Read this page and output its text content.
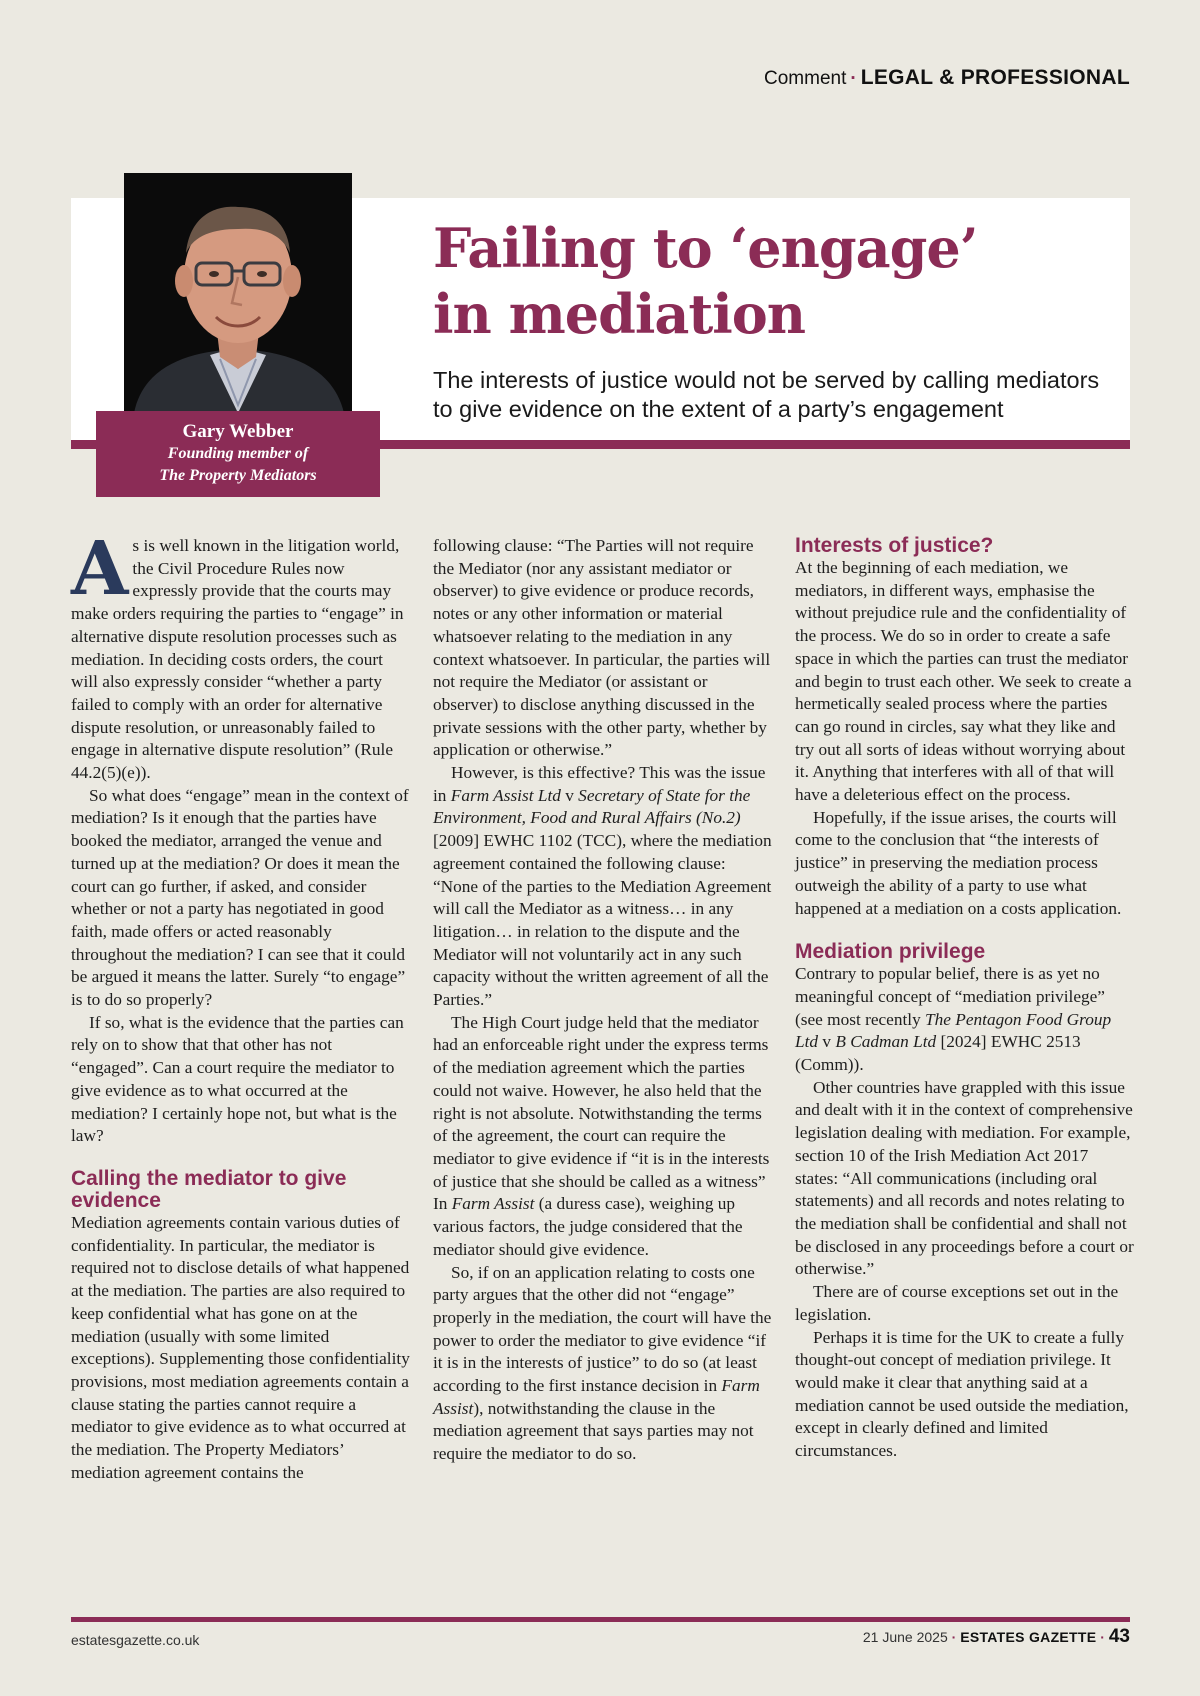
Comment · LEGAL & PROFESSIONAL
Gary Webber
Founding member of
The Property Mediators
Failing to ‘engage’
in mediation
The interests of justice would not be served by calling mediators to give evidence on the extent of a party’s engagement

As is well known in the litigation world, the Civil Procedure Rules now expressly provide that the courts may make orders requiring the parties to “engage” in alternative dispute resolution processes such as mediation. In deciding costs orders, the court will also expressly consider “whether a party failed to comply with an order for alternative dispute resolution, or unreasonably failed to engage in alternative dispute resolution” (Rule 44.2(5)(e)).

So what does “engage” mean in the context of mediation? Is it enough that the parties have booked the mediator, arranged the venue and turned up at the mediation? Or does it mean the court can go further, if asked, and consider whether or not a party has negotiated in good faith, made offers or acted reasonably throughout the mediation? I can see that it could be argued it means the latter. Surely “to engage” is to do so properly?

If so, what is the evidence that the parties can rely on to show that that other has not “engaged”. Can a court require the mediator to give evidence as to what occurred at the mediation? I certainly hope not, but what is the law?

Calling the mediator to give evidence

Mediation agreements contain various duties of confidentiality. In particular, the mediator is required not to disclose details of what happened at the mediation. The parties are also required to keep confidential what has gone on at the mediation (usually with some limited exceptions). Supplementing those confidentiality provisions, most mediation agreements contain a clause stating the parties cannot require a mediator to give evidence as to what occurred at the mediation. The Property Mediators’ mediation agreement contains the

following clause: “The Parties will not require the Mediator (nor any assistant mediator or observer) to give evidence or produce records, notes or any other information or material whatsoever relating to the mediation in any context whatsoever. In particular, the parties will not require the Mediator (or assistant or observer) to disclose anything discussed in the private sessions with the other party, whether by application or otherwise.”

However, is this effective? This was the issue in Farm Assist Ltd v Secretary of State for the Environment, Food and Rural Affairs (No.2) [2009] EWHC 1102 (TCC), where the mediation agreement contained the following clause: “None of the parties to the Mediation Agreement will call the Mediator as a witness… in any litigation… in relation to the dispute and the Mediator will not voluntarily act in any such capacity without the written agreement of all the Parties.”

The High Court judge held that the mediator had an enforceable right under the express terms of the mediation agreement which the parties could not waive. However, he also held that the right is not absolute. Notwithstanding the terms of the agreement, the court can require the mediator to give evidence if “it is in the interests of justice that she should be called as a witness” In Farm Assist (a duress case), weighing up various factors, the judge considered that the mediator should give evidence.

So, if on an application relating to costs one party argues that the other did not “engage” properly in the mediation, the court will have the power to order the mediator to give evidence “if it is in the interests of justice” to do so (at least according to the first instance decision in Farm Assist), notwithstanding the clause in the mediation agreement that says parties may not require the mediator to do so.

Interests of justice?

At the beginning of each mediation, we mediators, in different ways, emphasise the without prejudice rule and the confidentiality of the process. We do so in order to create a safe space in which the parties can trust the mediator and begin to trust each other. We seek to create a hermetically sealed process where the parties can go round in circles, say what they like and try out all sorts of ideas without worrying about it. Anything that interferes with all of that will have a deleterious effect on the process.

Hopefully, if the issue arises, the courts will come to the conclusion that “the interests of justice” in preserving the mediation process outweigh the ability of a party to use what happened at a mediation on a costs application.

Mediation privilege

Contrary to popular belief, there is as yet no meaningful concept of “mediation privilege” (see most recently The Pentagon Food Group Ltd v B Cadman Ltd [2024] EWHC 2513 (Comm)).

Other countries have grappled with this issue and dealt with it in the context of comprehensive legislation dealing with mediation. For example, section 10 of the Irish Mediation Act 2017 states: “All communications (including oral statements) and all records and notes relating to the mediation shall be confidential and shall not be disclosed in any proceedings before a court or otherwise.”

There are of course exceptions set out in the legislation.

Perhaps it is time for the UK to create a fully thought-out concept of mediation privilege. It would make it clear that anything said at a mediation cannot be used outside the mediation, except in clearly defined and limited circumstances.

estatesgazette.co.uk	21 June 2025 · ESTATES GAZETTE · 43
